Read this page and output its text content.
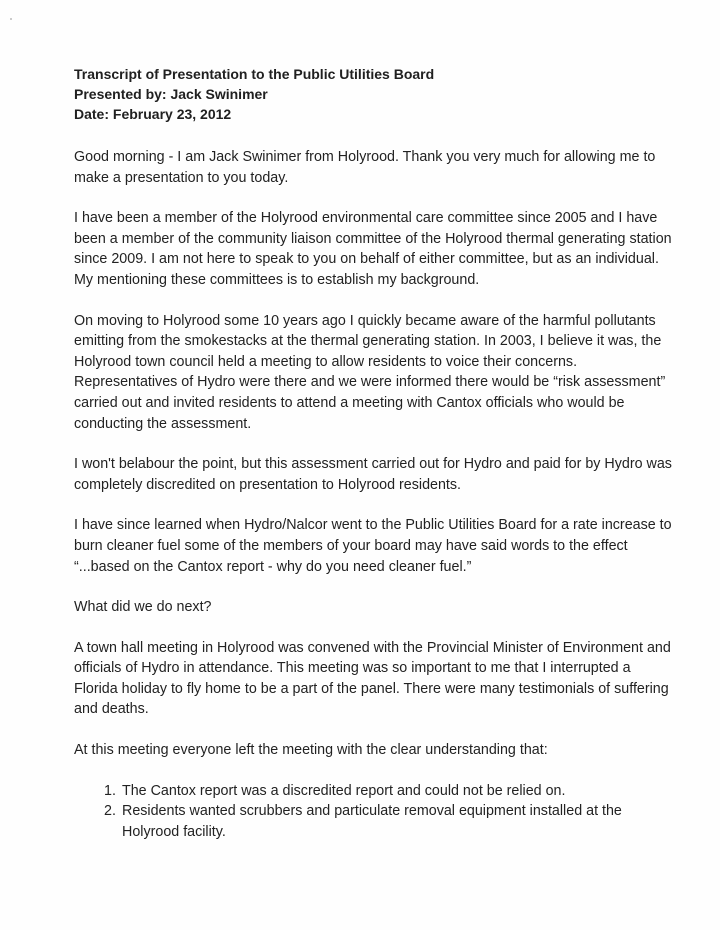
Transcript of Presentation to the Public Utilities Board
Presented by: Jack Swinimer
Date: February 23, 2012

Good morning - I am Jack Swinimer from Holyrood. Thank you very much for allowing me to make a presentation to you today.

I have been a member of the Holyrood environmental care committee since 2005 and I have been a member of the community liaison committee of the Holyrood thermal generating station since 2009. I am not here to speak to you on behalf of either committee, but as an individual. My mentioning these committees is to establish my background.

On moving to Holyrood some 10 years ago I quickly became aware of the harmful pollutants emitting from the smokestacks at the thermal generating station. In 2003, I believe it was, the Holyrood town council held a meeting to allow residents to voice their concerns. Representatives of Hydro were there and we were informed there would be “risk assessment” carried out and invited residents to attend a meeting with Cantox officials who would be conducting the assessment.

I won't belabour the point, but this assessment carried out for Hydro and paid for by Hydro was completely discredited on presentation to Holyrood residents.

I have since learned when Hydro/Nalcor went to the Public Utilities Board for a rate increase to burn cleaner fuel some of the members of your board may have said words to the effect “...based on the Cantox report - why do you need cleaner fuel.”

What did we do next?

A town hall meeting in Holyrood was convened with the Provincial Minister of Environment and officials of Hydro in attendance. This meeting was so important to me that I interrupted a Florida holiday to fly home to be a part of the panel. There were many testimonials of suffering and deaths.

At this meeting everyone left the meeting with the clear understanding that:

1. The Cantox report was a discredited report and could not be relied on.
2. Residents wanted scrubbers and particulate removal equipment installed at the Holyrood facility.
